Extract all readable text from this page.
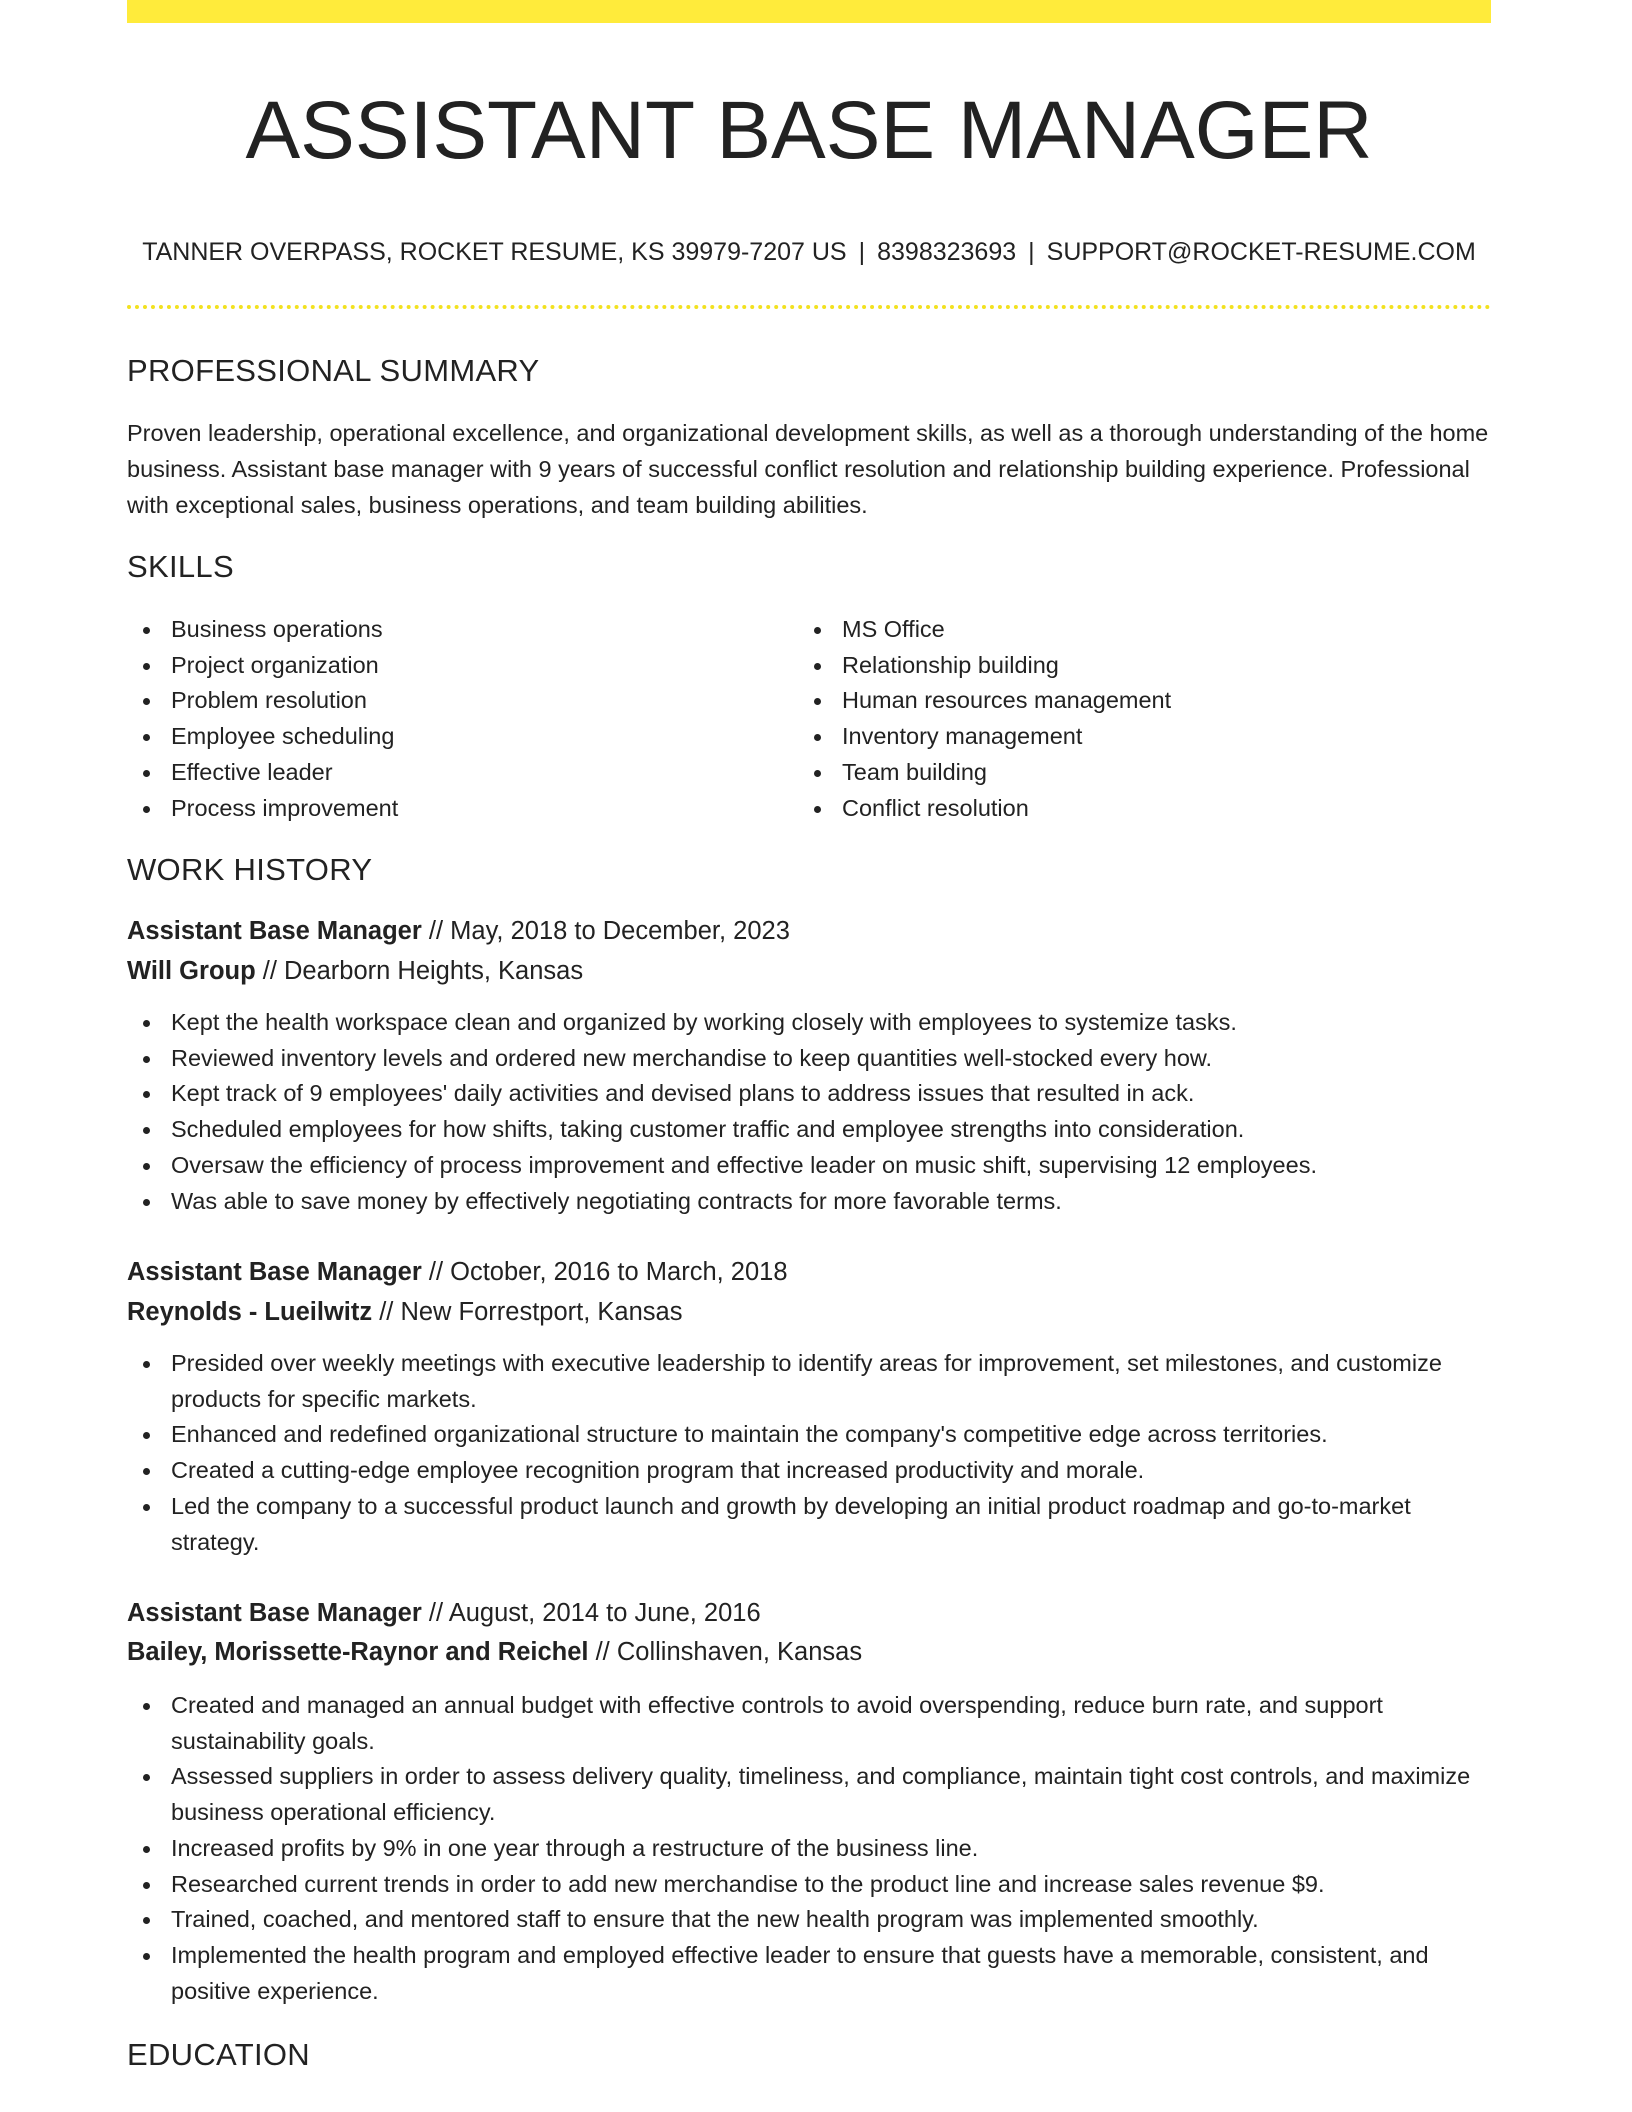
ASSISTANT BASE MANAGER
TANNER OVERPASS, ROCKET RESUME, KS 39979-7207 US | 8398323693 | SUPPORT@ROCKET-RESUME.COM
PROFESSIONAL SUMMARY
Proven leadership, operational excellence, and organizational development skills, as well as a thorough understanding of the home business. Assistant base manager with 9 years of successful conflict resolution and relationship building experience. Professional with exceptional sales, business operations, and team building abilities.
SKILLS
Business operations
Project organization
Problem resolution
Employee scheduling
Effective leader
Process improvement
MS Office
Relationship building
Human resources management
Inventory management
Team building
Conflict resolution
WORK HISTORY
Assistant Base Manager // May, 2018 to December, 2023
Will Group // Dearborn Heights, Kansas
Kept the health workspace clean and organized by working closely with employees to systemize tasks.
Reviewed inventory levels and ordered new merchandise to keep quantities well-stocked every how.
Kept track of 9 employees' daily activities and devised plans to address issues that resulted in ack.
Scheduled employees for how shifts, taking customer traffic and employee strengths into consideration.
Oversaw the efficiency of process improvement and effective leader on music shift, supervising 12 employees.
Was able to save money by effectively negotiating contracts for more favorable terms.
Assistant Base Manager // October, 2016 to March, 2018
Reynolds - Lueilwitz // New Forrestport, Kansas
Presided over weekly meetings with executive leadership to identify areas for improvement, set milestones, and customize products for specific markets.
Enhanced and redefined organizational structure to maintain the company's competitive edge across territories.
Created a cutting-edge employee recognition program that increased productivity and morale.
Led the company to a successful product launch and growth by developing an initial product roadmap and go-to-market strategy.
Assistant Base Manager // August, 2014 to June, 2016
Bailey, Morissette-Raynor and Reichel // Collinshaven, Kansas
Created and managed an annual budget with effective controls to avoid overspending, reduce burn rate, and support sustainability goals.
Assessed suppliers in order to assess delivery quality, timeliness, and compliance, maintain tight cost controls, and maximize business operational efficiency.
Increased profits by 9% in one year through a restructure of the business line.
Researched current trends in order to add new merchandise to the product line and increase sales revenue $9.
Trained, coached, and mentored staff to ensure that the new health program was implemented smoothly.
Implemented the health program and employed effective leader to ensure that guests have a memorable, consistent, and positive experience.
EDUCATION
